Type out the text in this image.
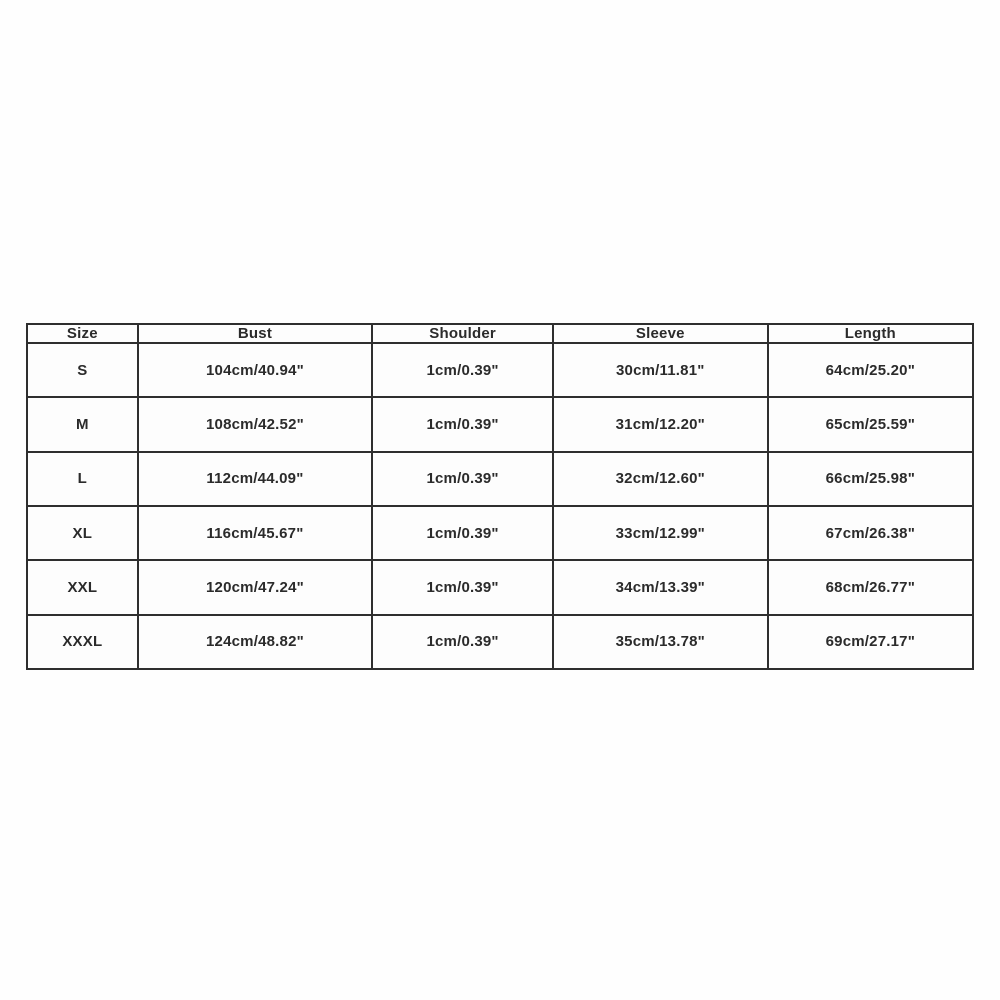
Size	Bust	Shoulder	Sleeve	Length
S	104cm/40.94"	1cm/0.39"	30cm/11.81"	64cm/25.20"
M	108cm/42.52"	1cm/0.39"	31cm/12.20"	65cm/25.59"
L	112cm/44.09"	1cm/0.39"	32cm/12.60"	66cm/25.98"
XL	116cm/45.67"	1cm/0.39"	33cm/12.99"	67cm/26.38"
XXL	120cm/47.24"	1cm/0.39"	34cm/13.39"	68cm/26.77"
XXXL	124cm/48.82"	1cm/0.39"	35cm/13.78"	69cm/27.17"
